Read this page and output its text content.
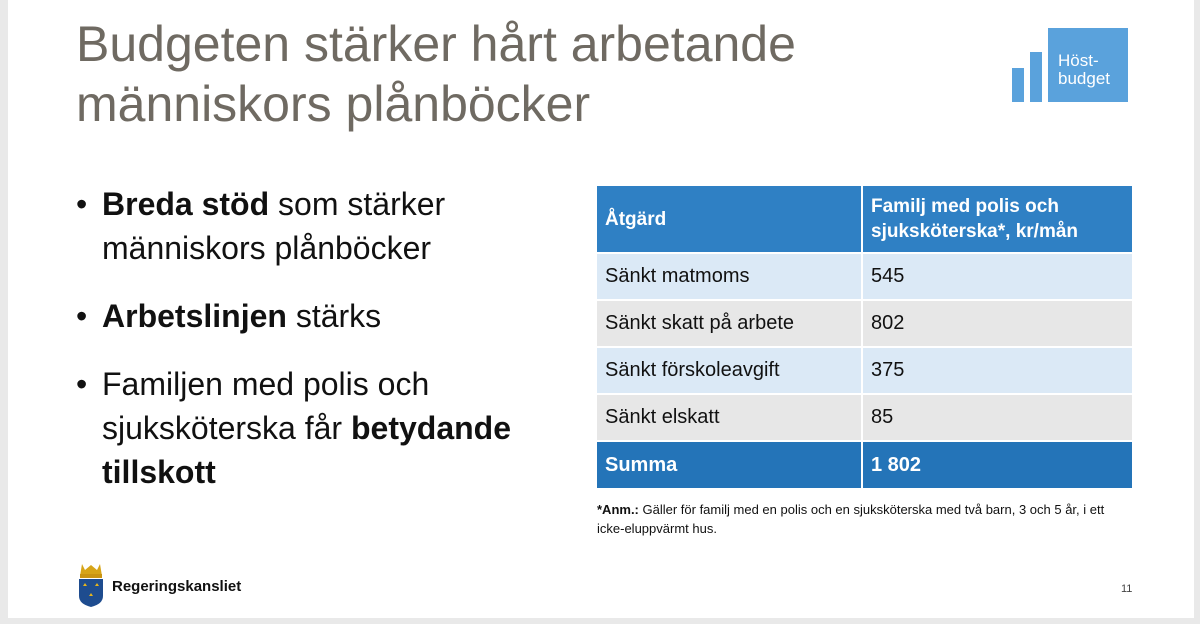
Budgeten stärker hårt arbetande
människors plånböcker
Höst-
budget
• Breda stöd som stärker människors plånböcker
• Arbetslinjen stärks
• Familjen med polis och sjuksköterska får betydande tillskott
Åtgärd	Familj med polis och sjuksköterska*, kr/mån
Sänkt matmoms	545
Sänkt skatt på arbete	802
Sänkt förskoleavgift	375
Sänkt elskatt	85
Summa	1 802
*Anm.: Gäller för familj med en polis och en sjuksköterska med två barn, 3 och 5 år, i ett icke-eluppvärmt hus.
Regeringskansliet	11
